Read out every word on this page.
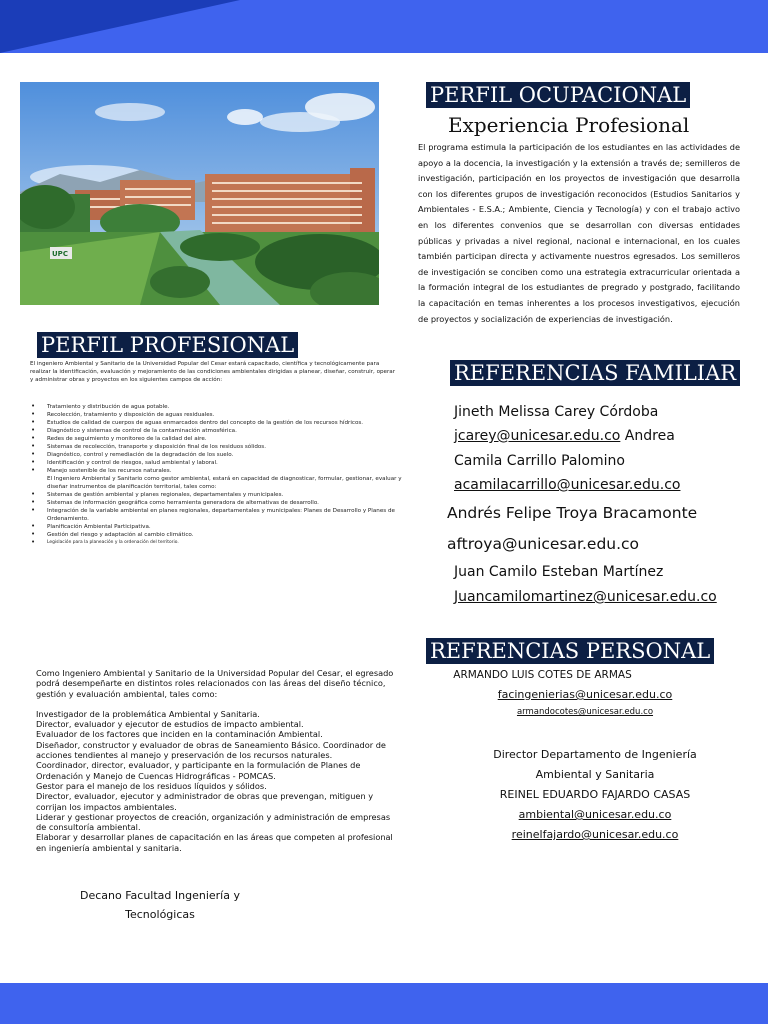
UPC
PERFIL OCUPACIONAL
Experiencia Profesional
El programa estimula la participación de los estudiantes en las actividades de apoyo a la docencia, la investigación y la extensión a través de; semilleros de investigación, participación en los proyectos de investigación que desarrolla con los diferentes grupos de investigación reconocidos (Estudios Sanitarios y Ambientales - E.S.A.; Ambiente, Ciencia y Tecnología) y con el trabajo activo en los diferentes convenios que se desarrollan con diversas entidades públicas y privadas a nivel regional, nacional e internacional, en los cuales también participan directa y activamente nuestros egresados. Los semilleros de investigación se conciben como una estrategia extracurricular orientada a la formación integral de los estudiantes de pregrado y postgrado, facilitando la capacitación en temas inherentes a los procesos investigativos, ejecución de proyectos y socialización de experiencias de investigación.
PERFIL PROFESIONAL
El ingeniero Ambiental y Sanitario de la Universidad Popular del Cesar estará capacitado, científica y tecnológicamente para realizar la identificación, evaluación y mejoramiento de las condiciones ambientales dirigidas a planear, diseñar, construir, operar y administrar obras y proyectos en los siguientes campos de acción:
• Tratamiento y distribución de agua potable.
• Recolección, tratamiento y disposición de aguas residuales.
• Estudios de calidad de cuerpos de aguas enmarcados dentro del concepto de la gestión de los recursos hídricos.
• Diagnóstico y sistemas de control de la contaminación atmosférica.
• Redes de seguimiento y monitoreo de la calidad del aire.
• Sistemas de recolección, transporte y disposición final de los residuos sólidos.
• Diagnóstico, control y remediación de la degradación de los suelo.
• Identificación y control de riesgos, salud ambiental y laboral.
• Manejo sostenible de los recursos naturales.
El Ingeniero Ambiental y Sanitario como gestor ambiental, estará en capacidad de diagnosticar, formular, gestionar, evaluar y diseñar instrumentos de planificación territorial, tales como:
• Sistemas de gestión ambiental y planes regionales, departamentales y municipales.
• Sistemas de información geográfica como herramienta generadora de alternativas de desarrollo.
• Integración de la variable ambiental en planes regionales, departamentales y municipales: Planes de Desarrollo y Planes de Ordenamiento.
• Planificación Ambiental Participativa.
• Gestión del riesgo y adaptación al cambio climático.
• Legislación para la planeación y la ordenación del territorio.
REFERENCIAS FAMILIAR
Jineth Melissa Carey Córdoba
jcarey@unicesar.edu.co Andrea
Camila Carrillo Palomino
acamilacarrillo@unicesar.edu.co
Andrés Felipe Troya Bracamonte
aftroya@unicesar.edu.co
Juan Camilo Esteban Martínez
Juancamilomartinez@unicesar.edu.co

Como Ingeniero Ambiental y Sanitario de la Universidad Popular del Cesar, el egresado podrá desempeñarte en distintos roles relacionados con las áreas del diseño técnico, gestión y evaluación ambiental, tales como:

Investigador de la problemática Ambiental y Sanitaria.

Director, evaluador y ejecutor de estudios de impacto ambiental.

Evaluador de los factores que inciden en la contaminación Ambiental.

Diseñador, constructor y evaluador de obras de Saneamiento Básico. Coordinador de acciones tendientes al manejo y preservación de los recursos naturales.

Coordinador, director, evaluador, y participante en la formulación de Planes de Ordenación y Manejo de Cuencas Hidrográficas - POMCAS.

Gestor para el manejo de los residuos líquidos y sólidos.

Director, evaluador, ejecutor y administrador de obras que prevengan, mitiguen y corrijan los impactos ambientales.

Liderar y gestionar proyectos de creación, organización y administración de empresas de consultoría ambiental.

Elaborar y desarrollar planes de capacitación en las áreas que competen al profesional en ingeniería ambiental y sanitaria.

Decano Facultad Ingeniería y
Tecnológicas
REFRENCIAS PERSONAL
ARMANDO LUIS COTES DE ARMAS
facingenierias@unicesar.edu.co
armandocotes@unicesar.edu.co
Director Departamento de Ingeniería
Ambiental y Sanitaria
REINEL EDUARDO FAJARDO CASAS
ambiental@unicesar.edu.co
reinelfajardo@unicesar.edu.co
